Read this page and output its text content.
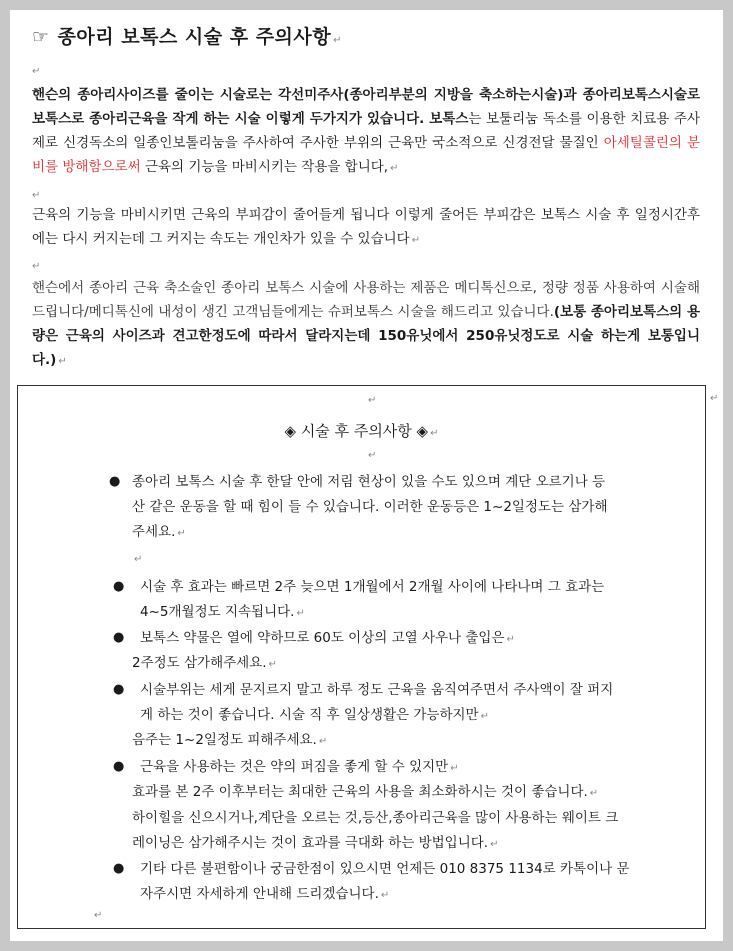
☞ 종아리 보톡스 시술 후 주의사항 ↵
↵
핸슨의 종아리사이즈를 줄이는 시술로는 각선미주사(종아리부분의 지방을 축소하는시술)과 종아리보톡스시술로 보톡스로 종아리근육을 작게 하는 시술 이렇게 두가지가 있습니다. 보톡스는 보툴리눔 독소를 이용한 치료용 주사제로 신경독소의 일종인보톨리눔을 주사하여 주사한 부위의 근육만 국소적으로 신경전달 물질인 아세틸콜린의 분비를 방해함으로써 근육의 기능을 마비시키는 작용을 합니다, ↵
↵
근육의 기능을 마비시키면 근육의 부피감이 줄어들게 됩니다 이렇게 줄어든 부피감은 보톡스 시술 후 일정시간후에는 다시 커지는데 그 커지는 속도는 개인차가 있을 수 있습니다 ↵
↵
핸슨에서 종아리 근육 축소술인 종아리 보톡스 시술에 사용하는 제품은 메디톡신으로, 정량 정품 사용하여 시술해 드립니다/메디톡신에 내성이 생긴 고객님들에게는 슈퍼보톡스 시술을 해드리고 있습니다.(보통 종아리보톡스의 용량은 근육의 사이즈과 견고한정도에 따라서 달라지는데 150유닛에서 250유닛정도로 시술 하는게 보통입니다.) ↵
↵
↵
◈ 시술 후 주의사항 ◈ ↵
↵
● 종아리 보톡스 시술 후 한달 안에 저림 현상이 있을 수도 있으며 계단 오르기나 등
산 같은 운동을 할 때 힘이 들 수 있습니다. 이러한 운동등은 1~2일정도는 삼가해
주세요. ↵
↵
● 시술 후 효과는 빠르면 2주 늦으면 1개월에서 2개월 사이에 나타나며 그 효과는
4~5개월정도 지속됩니다. ↵
● 보톡스 약물은 열에 약하므로 60도 이상의 고열 사우나 출입은 ↵
2주정도 삼가해주세요. ↵
● 시술부위는 세게 문지르지 말고 하루 정도 근육을 움직여주면서 주사액이 잘 퍼지
게 하는 것이 좋습니다. 시술 직 후 일상생활은 가능하지만 ↵
음주는 1~2일정도 피해주세요. ↵
● 근육을 사용하는 것은 약의 퍼짐을 좋게 할 수 있지만 ↵
효과를 본 2주 이후부터는 최대한 근육의 사용을 최소화하시는 것이 좋습니다. ↵
하이힐을 신으시거나,계단을 오르는 것,등산,종아리근육을 많이 사용하는 웨이트 크
레이닝은 삼가해주시는 것이 효과를 극대화 하는 방법입니다. ↵
● 기타 다른 불편함이나 궁금한점이 있으시면 언제든 010 8375 1134로 카톡이나 문
자주시면 자세하게 안내해 드리겠습니다. ↵
↵
